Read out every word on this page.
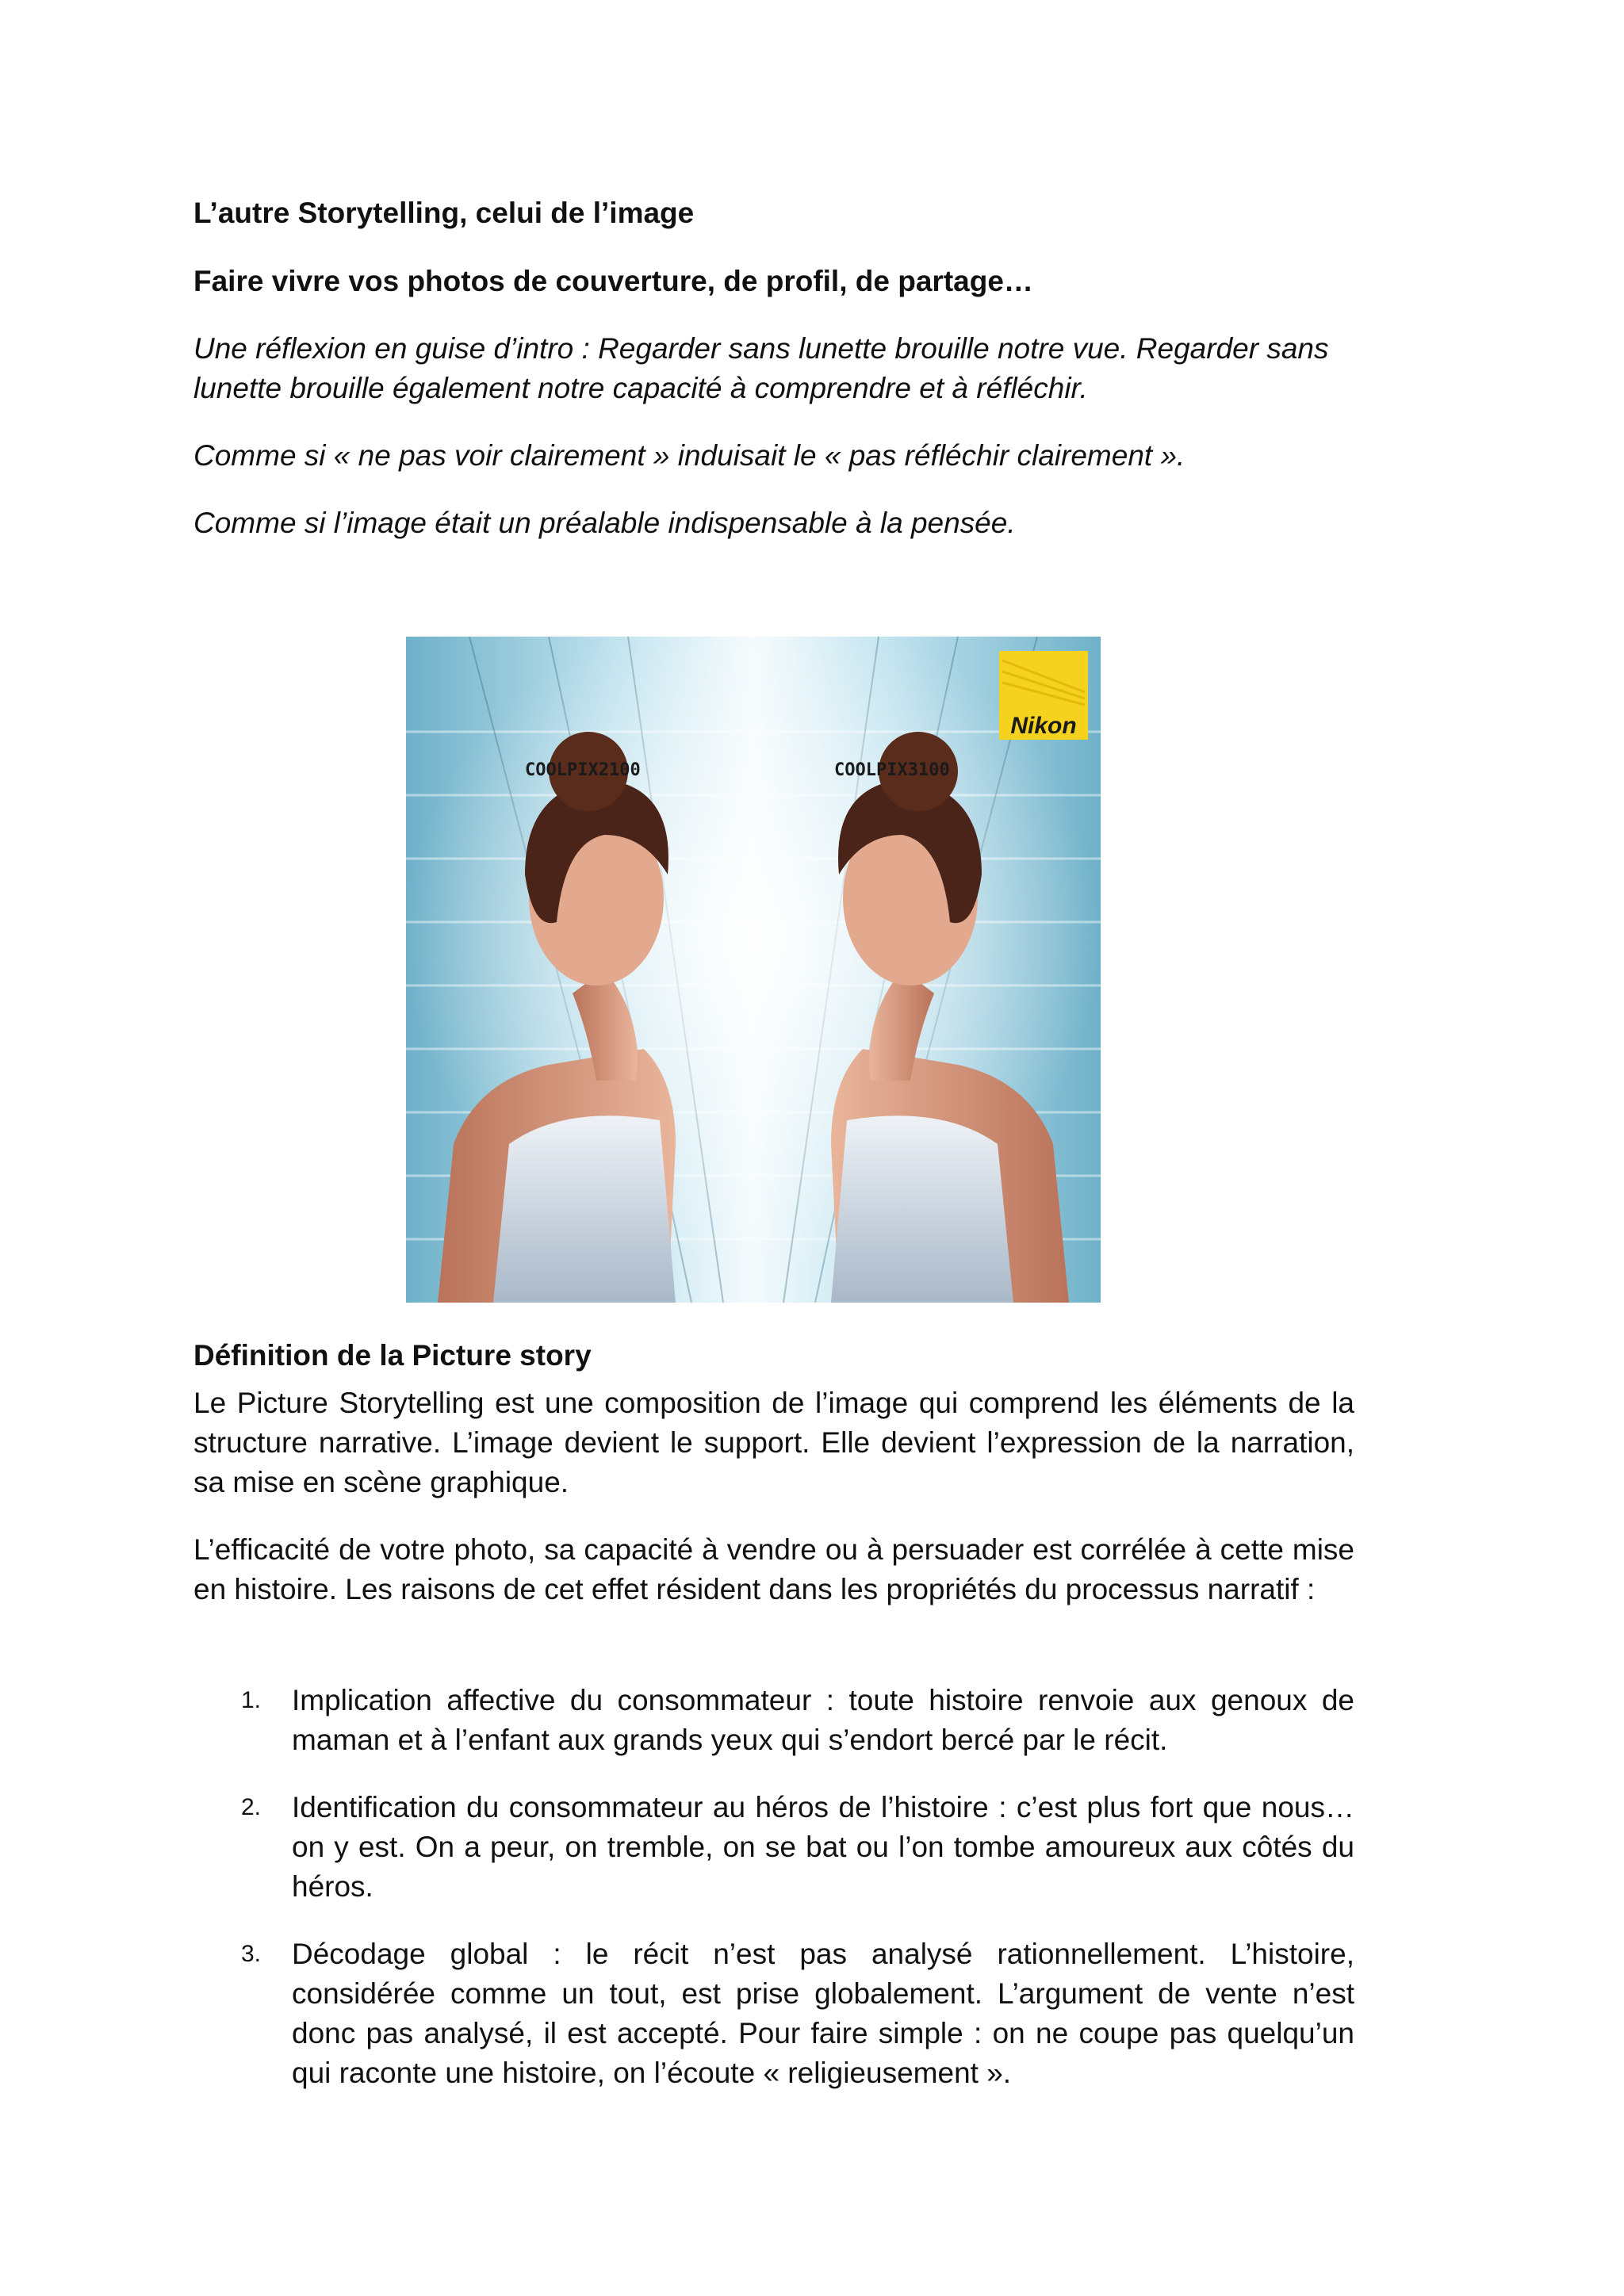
L’autre Storytelling, celui de l’image

Faire vivre vos photos de couverture, de profil, de partage…

Une réflexion en guise d’intro : Regarder sans lunette brouille notre vue. Regarder sans lunette brouille également notre capacité à comprendre et à réfléchir.

Comme si « ne pas voir clairement » induisait le « pas réfléchir clairement ».

Comme si l’image était un préalable indispensable à la pensée.

Nikon
COOLPIX2100	COOLPIX3100

Définition de la Picture story

Le Picture Storytelling est une composition de l’image qui comprend les éléments de la structure narrative. L’image devient le support. Elle devient l’expression de la narration, sa mise en scène graphique.

L’efficacité de votre photo, sa capacité à vendre ou à persuader est corrélée à cette mise en histoire. Les raisons de cet effet résident dans les propriétés du processus narratif :

1. Implication affective du consommateur : toute histoire renvoie aux genoux de maman et à l’enfant aux grands yeux qui s’endort bercé par le récit.

2. Identification du consommateur au héros de l’histoire : c’est plus fort que nous… on y est. On a peur, on tremble, on se bat ou l’on tombe amoureux aux côtés du héros.

3. Décodage global : le récit n’est pas analysé rationnellement. L’histoire, considérée comme un tout, est prise globalement. L’argument de vente n’est donc pas analysé, il est accepté. Pour faire simple : on ne coupe pas quelqu’un qui raconte une histoire, on l’écoute « religieusement ».
